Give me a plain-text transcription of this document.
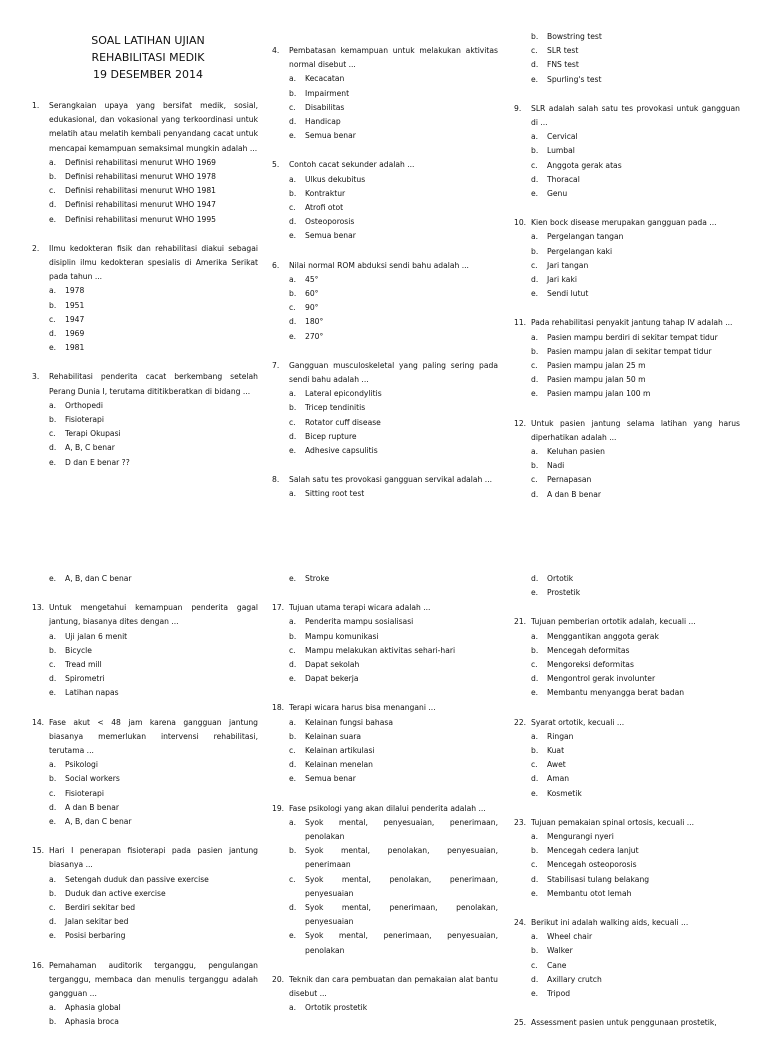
SOAL LATIHAN UJIAN
REHABILITASI MEDIK
19 DESEMBER 2014
1.	Serangkaian upaya yang bersifat medik, sosial, edukasional, dan vokasional yang terkoordinasi untuk melatih atau melatih kembali penyandang cacat untuk mencapai kemampuan semaksimal mungkin adalah ...
a.	Definisi rehabilitasi menurut WHO 1969
b.	Definisi rehabilitasi menurut WHO 1978
c.	Definisi rehabilitasi menurut WHO 1981
d.	Definisi rehabilitasi menurut WHO 1947
e.	Definisi rehabilitasi menurut WHO 1995
2.	Ilmu kedokteran fisik dan rehabilitasi diakui sebagai disiplin ilmu kedokteran spesialis di Amerika Serikat pada tahun ...
a.	1978
b.	1951
c.	1947
d.	1969
e.	1981
3.	Rehabilitasi penderita cacat berkembang setelah Perang Dunia I, terutama dititikberatkan di bidang ...
a.	Orthopedi
b.	Fisioterapi
c.	Terapi Okupasi
d.	A, B, C benar
e.	D dan E benar ??
4.	Pembatasan kemampuan untuk melakukan aktivitas normal disebut ...
a.	Kecacatan
b.	Impairment
c.	Disabilitas
d.	Handicap
e.	Semua benar
5.	Contoh cacat sekunder adalah ...
a.	Ulkus dekubitus
b.	Kontraktur
c.	Atrofi otot
d.	Osteoporosis
e.	Semua benar
6.	Nilai normal ROM abduksi sendi bahu adalah ...
a.	45°
b.	60°
c.	90°
d.	180°
e.	270°
7.	Gangguan musculoskeletal yang paling sering pada sendi bahu adalah ...
a.	Lateral epicondylitis
b.	Tricep tendinitis
c.	Rotator cuff disease
d.	Bicep rupture
e.	Adhesive capsulitis
8.	Salah satu tes provokasi gangguan servikal adalah ...
a.	Sitting root test
b.	Bowstring test
c.	SLR test
d.	FNS test
e.	Spurling's test
9.	SLR adalah salah satu tes provokasi untuk gangguan di ...
a.	Cervical
b.	Lumbal
c.	Anggota gerak atas
d.	Thoracal
e.	Genu
10. Kien bock disease merupakan gangguan pada ...
a.	Pergelangan tangan
b.	Pergelangan kaki
c.	Jari tangan
d.	Jari kaki
e.	Sendi lutut
11. Pada rehabilitasi penyakit jantung tahap IV adalah ...
a.	Pasien mampu berdiri di sekitar tempat tidur
b.	Pasien mampu jalan di sekitar tempat tidur
c.	Pasien mampu jalan 25 m
d.	Pasien mampu jalan 50 m
e.	Pasien mampu jalan 100 m
12. Untuk pasien jantung selama latihan yang harus diperhatikan adalah ...
a.	Keluhan pasien
b.	Nadi
c.	Pernapasan
d.	A dan B benar
e.	A, B, dan C benar
13. Untuk mengetahui kemampuan penderita gagal jantung, biasanya dites dengan ...
a.	Uji jalan 6 menit
b.	Bicycle
c.	Tread mill
d.	Spirometri
e.	Latihan napas
14. Fase akut < 48 jam karena gangguan jantung biasanya memerlukan intervensi rehabilitasi, terutama ...
a.	Psikologi
b.	Social workers
c.	Fisioterapi
d.	A dan B benar
e.	A, B, dan C benar
15. Hari I penerapan fisioterapi pada pasien jantung biasanya ...
a.	Setengah duduk dan passive exercise
b.	Duduk dan active exercise
c.	Berdiri sekitar bed
d.	Jalan sekitar bed
e.	Posisi berbaring
16. Pemahaman auditorik terganggu, pengulangan terganggu, membaca dan menulis terganggu adalah gangguan ...
a.	Aphasia global
b.	Aphasia broca
e.	Stroke
17. Tujuan utama terapi wicara adalah ...
a.	Penderita mampu sosialisasi
b.	Mampu komunikasi
c.	Mampu melakukan aktivitas sehari-hari
d.	Dapat sekolah
e.	Dapat bekerja
18. Terapi wicara harus bisa menangani ...
a.	Kelainan fungsi bahasa
b.	Kelainan suara
c.	Kelainan artikulasi
d.	Kelainan menelan
e.	Semua benar
19. Fase psikologi yang akan dilalui penderita adalah ...
a.	Syok mental, penyesuaian, penerimaan, penolakan
b.	Syok mental, penolakan, penyesuaian, penerimaan
c.	Syok mental, penolakan, penerimaan, penyesuaian
d.	Syok mental, penerimaan, penolakan, penyesuaian
e.	Syok mental, penerimaan, penyesuaian, penolakan
20. Teknik dan cara pembuatan dan pemakaian alat bantu disebut ...
a.	Ortotik prostetik
d.	Ortotik
e.	Prostetik
21. Tujuan pemberian ortotik adalah, kecuali ...
a.	Menggantikan anggota gerak
b.	Mencegah deformitas
c.	Mengoreksi deformitas
d.	Mengontrol gerak involunter
e.	Membantu menyangga berat badan
22. Syarat ortotik, kecuali ...
a.	Ringan
b.	Kuat
c.	Awet
d.	Aman
e.	Kosmetik
23. Tujuan pemakaian spinal ortosis, kecuali ...
a.	Mengurangi nyeri
b.	Mencegah cedera lanjut
c.	Mencegah osteoporosis
d.	Stabilisasi tulang belakang
e.	Membantu otot lemah
24. Berikut ini adalah walking aids, kecuali ...
a.	Wheel chair
b.	Walker
c.	Cane
d.	Axillary crutch
e.	Tripod
25. Assessment pasien untuk penggunaan prostetik,
